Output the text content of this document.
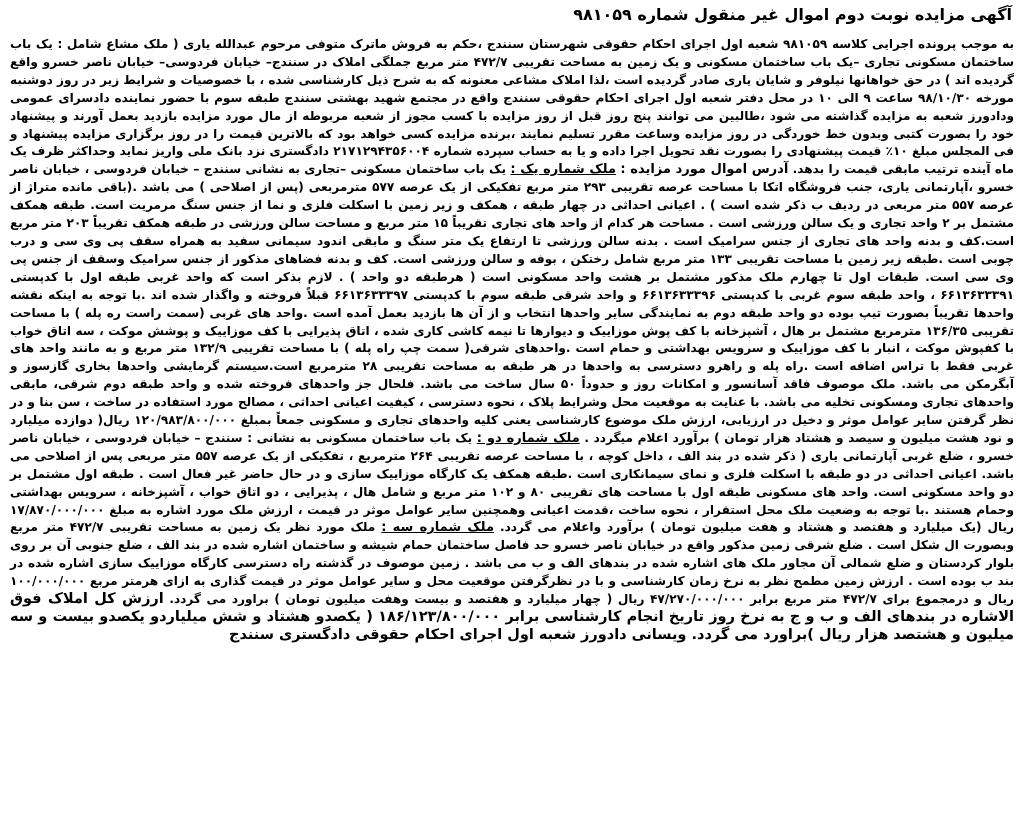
آگهی مزایده نوبت دوم اموال غیر منقول شماره ۹۸۱۰۵۹

به موجب پرونده اجرایی کلاسه ۹۸۱۰۵۹ شعبه اول اجرای احکام حقوقی شهرستان سنندج ،حکم به فروش ماترک متوفی مرحوم عبدالله یاری ( ملک مشاع شامل : یک باب ساختمان مسکونی تجاری –یک باب ساختمان مسکونی و یک زمین به مساحت تقریبی ۴۷۲/۷ متر مربع جملگی املاک در سنندج– خیابان فردوسی– خیابان ناصر خسرو واقع گردیده اند ) در حق خواهانها نیلوفر و شایان یاری صادر گردیده است ،لذا املاک مشاعی معنونه که به شرح ذیل کارشناسی شده ، با خصوصیات و شرایط زیر در روز دوشنبه مورخه ۹۸/۱۰/۳۰ ساعت ۹ الی ۱۰ در محل دفتر شعبه اول اجرای احکام حقوقی سنندج واقع در مجتمع شهید بهشتی سنندج طبقه سوم با حضور نماینده دادسرای عمومی ودادورز شعبه به مزایده گذاشته می شود ،طالبین می توانند پنج روز قبل از روز مزایده با کسب مجوز از شعبه مربوطه از مال مورد مزایده بازدید بعمل آورند و پیشنهاد خود را بصورت کتبی وبدون خط خوردگی در روز مزایده وساعت مقرر تسلیم نمایند ،برنده مزایده کسی خواهد بود که بالاترین قیمت را در روز برگزاری مزایده پیشنهاد و فی المجلس مبلغ ۱۰٪ قیمت پیشنهادی را بصورت نقد تحویل اجرا داده و یا به حساب سپرده شماره ۲۱۷۱۲۹۴۳۵۶۰۰۴ دادگستری نزد بانک ملی واریز نماید وحداکثر ظرف یک ماه آینده ترتیب مابقی قیمت را بدهد. آدرس اموال مورد مزایده : ملک شماره یک : یک باب ساختمان مسکونی –تجاری به نشانی سنندج – خیابان فردوسی ، خیابان ناصر خسرو ،آپارتمانی یاری، جنب فروشگاه اتکا با مساحت عرصه تقریبی ۲۹۳ متر مربع تفکیکی از یک عرصه ۵۷۷ مترمربعی (پس از اصلاحی ) می باشد .(باقی مانده متراژ از عرصه ۵۵۷ متر مربعی در ردیف ب ذکر شده است ) . اعیانی احداثی در چهار طبقه ، همکف و زیر زمین با اسکلت فلزی و نما از جنس سنگ مرمریت است. طبقه همکف مشتمل بر ۲ واحد تجاری و یک سالن ورزشی است . مساحت هر کدام از واحد های تجاری تقریباً ۱۵ متر مربع و مساحت سالن ورزشی در طبقه همکف تقریباً ۲۰۳ متر مربع است.کف و بدنه واحد های تجاری از جنس سرامیک است . بدنه سالن ورزشی تا ارتفاع یک متر سنگ و مابقی اندود سیمانی سفید به همراه سقف پی وی سی و درب چوبی است .طبقه زیر زمین با مساحت تقریبی ۱۳۳ متر مربع شامل رختکن ، بوفه و سالن ورزشی است. کف و بدنه فضاهای مذکور از جنس سرامیک وسقف از جنس پی وی سی است. طبقات اول تا چهارم ملک مذکور مشتمل بر هشت واحد مسکونی است ( هرطبقه دو واحد ) . لازم بذکر است که واحد غربی طبقه اول با کدپستی ۶۶۱۳۶۳۳۳۹۱ ، واحد طبقه سوم غربی با کدپستی ۶۶۱۳۶۳۳۳۹۶ و واحد شرقی طبقه سوم با کدپستی ۶۶۱۳۶۳۳۳۹۷ قبلاً فروخته و واگذار شده اند .با توجه به اینکه نقشه واحدها تقریباً بصورت تیپ بوده دو واحد طبقه دوم به نمایندگی سایر واحدها انتخاب و از آن ها بازدید بعمل آمده است .واحد های غربی (سمت راست ره پله ) با مساحت تقریبی ۱۳۶/۳۵ مترمربع مشتمل بر هال ، آشپزخانه با کف پوش موزاییک و دیوارها تا نیمه کاشی کاری شده ، اتاق پذیرایی با کف موزاییک و پوشش موکت ، سه اتاق خواب با کفپوش موکت ، انبار با کف موزاییک و سرویس بهداشتی و حمام است .واحدهای شرقی( سمت چپ راه پله ) با مساحت تقریبی ۱۳۲/۹ متر مربع و به مانند واحد های غربی فقط با تراس اضافه است .راه پله و راهرو دسترسی به واحدها در هر طبقه به مساحت تقریبی ۲۸ مترمربع است.سیستم گرمایشی واحدها بخاری گازسوز و آبگرمکن می باشد. ملک موصوف فاقد آسانسور و امکانات روز و حدوداً ۵۰ سال ساخت می باشد. فلحال جز واحدهای فروخته شده و واحد طبقه دوم شرقی، مابقی واحدهای تجاری ومسکونی تخلیه می باشد. با عنایت به موقعیت محل وشرایط پلاک ، نحوه دسترسی ، کیفیت اعیانی احداثی ، مصالح مورد استفاده در ساخت ، سن بنا و در نظر گرفتن سایر عوامل موثر و دخیل در ارزیابی، ارزش ملک موضوع کارشناسی یعنی کلیه واحدهای تجاری و مسکونی جمعاً بمبلغ ۱۲۰/۹۸۳/۸۰۰/۰۰۰ ریال( دوازده میلیارد و نود هشت میلیون و سیصد و هشتاد هزار تومان ) برآورد اعلام میگردد . ملک شماره دو : یک باب ساختمان مسکونی به نشانی : سنندج – خیابان فردوسی ، خیابان ناصر خسرو ، ضلع غربی آپارتمانی یاری ( ذکر شده در بند الف ، داخل کوچه ، با مساحت عرصه تقریبی ۲۶۴ مترمربع ، تفکیکی از یک عرصه ۵۵۷ متر مربعی پس از اصلاحی می باشد. اعیانی احداثی در دو طبقه با اسکلت فلزی و نمای سیمانکاری است .طبقه همکف یک کارگاه موزاییک سازی و در حال حاضر غیر فعال است . طبقه اول مشتمل بر دو واحد مسکونی است. واحد های مسکونی طبقه اول با مساحت های تقریبی ۸۰ و ۱۰۲ متر مربع و شامل هال ، پذیرایی ، دو اتاق خواب ، آشپزخانه ، سرویس بهداشتی وحمام هستند .با توجه به وضعیت ملک محل استقرار ، نحوه ساخت ،قدمت اعیانی وهمچنین سایر عوامل موثر در قیمت ، ارزش ملک مورد اشاره به مبلغ ۱۷/۸۷۰/۰۰۰/۰۰۰ ریال (یک میلیارد و هفتصد و هشتاد و هفت میلیون تومان ) برآورد واعلام می گردد. ملک شماره سه : ملک مورد نظر یک زمین به مساحت تقریبی ۴۷۲/۷ متر مربع وبصورت ال شکل است . ضلع شرقی زمین مذکور واقع در خیابان ناصر خسرو حد فاصل ساختمان حمام شیشه و ساختمان اشاره شده در بند الف ، ضلع جنوبی آن بر روی بلوار کردستان و ضلع شمالی آن مجاور ملک های اشاره شده در بندهای الف و ب می باشد . زمین موصوف در گذشته راه دسترسی کارگاه موزاییک سازی اشاره شده در بند ب بوده است . ارزش زمین مطمح نظر به نرخ زمان کارشناسی و با در نظرگرفتن موقعیت محل و سایر عوامل موثر در قیمت گذاری به ازای هرمتر مربع ۱۰۰/۰۰۰/۰۰۰ ریال و درمجموع برای ۴۷۲/۷ متر مربع برابر ۴۷/۲۷۰/۰۰۰/۰۰۰ ریال ( چهار میلیارد و هفتصد و بیست وهفت میلیون تومان ) براورد می گردد. ارزش کل املاک فوق الاشاره در بندهای الف و ب و ج به نرخ روز تاریخ انجام کارشناسی برابر ۱۸۶/۱۲۳/۸۰۰/۰۰۰ ( یکصدو هشتاد و شش میلیاردو یکصدو بیست و سه میلیون و هشتصد هزار ریال )براورد می گردد. ویسانی دادورز شعبه اول اجرای احکام حقوقی دادگستری سنندج
